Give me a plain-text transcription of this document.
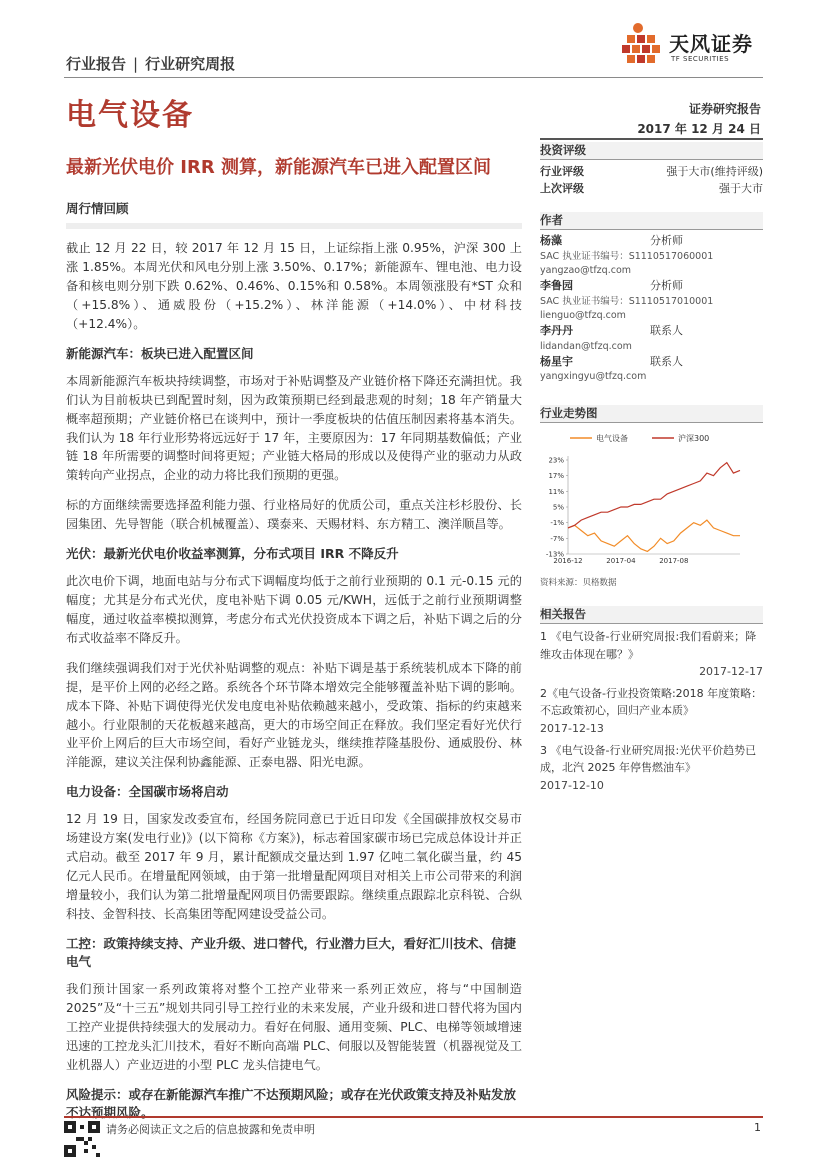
行业报告 | 行业研究周报
天风证券
TF SECURITIES
电气设备	证券研究报告
2017 年 12 月 24 日
最新光伏电价 IRR 测算，新能源汽车已进入配置区间
周行情回顾

截止 12 月 22 日，较 2017 年 12 月 15 日，上证综指上涨 0.95%，沪深 300 上涨 1.85%。本周光伏和风电分别上涨 3.50%、0.17%；新能源车、锂电池、电力设备和核电则分别下跌 0.62%、0.46%、0.15%和 0.58%。本周领涨股有*ST 众和（+15.8%）、通威股份（+15.2%）、林洋能源（+14.0%）、中材科技（+12.4%）。

新能源汽车：板块已进入配置区间

本周新能源汽车板块持续调整，市场对于补贴调整及产业链价格下降还充满担忧。我们认为目前板块已到配置时刻，因为政策预期已经到最悲观的时刻；18 年产销量大概率超预期；产业链价格已在谈判中，预计一季度板块的估值压制因素将基本消失。我们认为 18 年行业形势将远远好于 17 年，主要原因为：17 年同期基数偏低；产业链 18 年所需要的调整时间将更短；产业链大格局的形成以及使得产业的驱动力从政策转向产业拐点，企业的动力将比我们预期的更强。

标的方面继续需要选择盈利能力强、行业格局好的优质公司，重点关注杉杉股份、长园集团、先导智能（联合机械覆盖）、璞泰来、天赐材料、东方精工、澳洋顺昌等。

光伏：最新光伏电价收益率测算，分布式项目 IRR 不降反升

此次电价下调，地面电站与分布式下调幅度均低于之前行业预期的 0.1 元-0.15 元的幅度；尤其是分布式光伏，度电补贴下调 0.05 元/KWH，远低于之前行业预期调整幅度，通过收益率模拟测算，考虑分布式光伏投资成本下调之后，补贴下调之后的分布式收益率不降反升。

我们继续强调我们对于光伏补贴调整的观点：补贴下调是基于系统装机成本下降的前提，是平价上网的必经之路。系统各个环节降本增效完全能够覆盖补贴下调的影响。成本下降、补贴下调使得光伏发电度电补贴依赖越来越小，受政策、指标的约束越来越小。行业限制的天花板越来越高，更大的市场空间正在释放。我们坚定看好光伏行业平价上网后的巨大市场空间，看好产业链龙头，继续推荐隆基股份、通威股份、林洋能源，建议关注保利协鑫能源、正泰电器、阳光电源。

电力设备：全国碳市场将启动

12 月 19 日，国家发改委宣布，经国务院同意已于近日印发《全国碳排放权交易市场建设方案(发电行业)》(以下简称《方案》)，标志着国家碳市场已完成总体设计并正式启动。截至 2017 年 9 月，累计配额成交量达到 1.97 亿吨二氧化碳当量，约 45 亿元人民币。在增量配网领域，由于第一批增量配网项目对相关上市公司带来的利润增量较小，我们认为第二批增量配网项目仍需要跟踪。继续重点跟踪北京科锐、合纵科技、金智科技、长高集团等配网建设受益公司。

工控：政策持续支持、产业升级、进口替代，行业潜力巨大，看好汇川技术、信捷电气

我们预计国家一系列政策将对整个工控产业带来一系列正效应，将与“中国制造 2025”及“十三五”规划共同引导工控行业的未来发展，产业升级和进口替代将为国内工控产业提供持续强大的发展动力。看好在伺服、通用变频、PLC、电梯等领域增速迅速的工控龙头汇川技术，看好不断向高端 PLC、伺服以及智能装置（机器视觉及工业机器人）产业迈进的小型 PLC 龙头信捷电气。

风险提示：或存在新能源汽车推广不达预期风险；或存在光伏政策支持及补贴发放不达预期风险。
投资评级
行业评级	强于大市(维持评级)
上次评级	强于大市
作者
杨藻	分析师
SAC 执业证书编号：S1110517060001
yangzao@tfzq.com
李鲁园	分析师
SAC 执业证书编号：S1110517010001
lienguo@tfzq.com
李丹丹	联系人
lidandan@tfzq.com
杨星宇	联系人
yangxingyu@tfzq.com
行业走势图
电气设备	沪深300
23%
17%
11%
5%
-1%
-7%
-13%
2016-12	2017-04	2017-08
资料来源：贝格数据
相关报告
1 《电气设备-行业研究周报:我们看蔚来；降维攻击体现在哪？》
2017-12-17
2《电气设备-行业投资策略:2018 年度策略：不忘政策初心，回归产业本质》
2017-12-13
3 《电气设备-行业研究周报:光伏平价趋势已成，北汽 2025 年停售燃油车》
2017-12-10
请务必阅读正文之后的信息披露和免责申明	1
